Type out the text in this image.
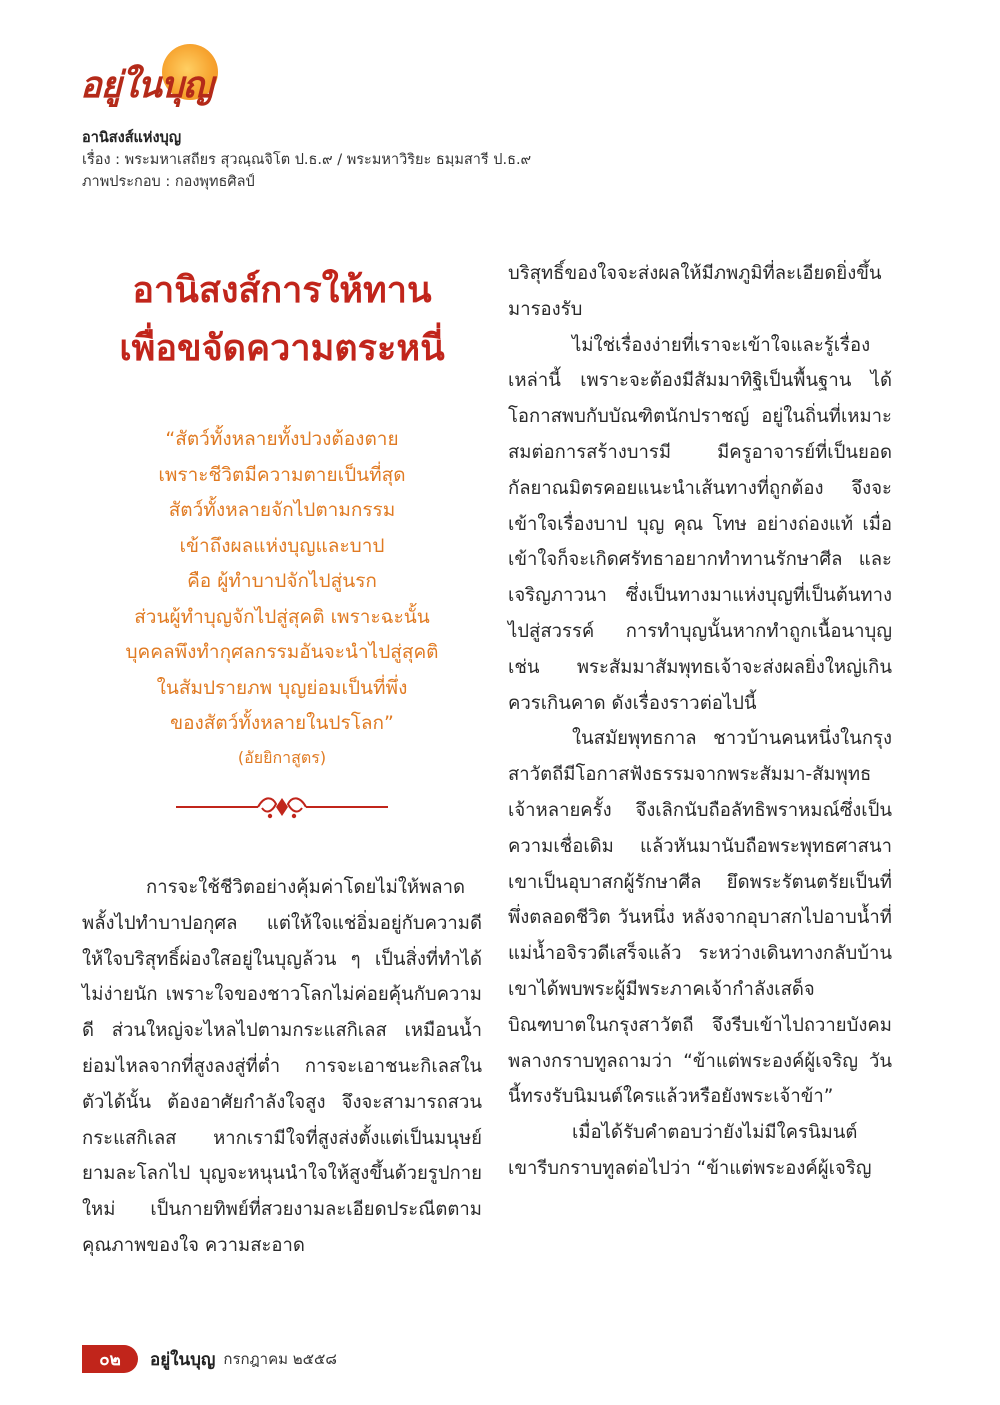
อยู่ในบุญ
อานิสงส์แห่งบุญ
เรื่อง : พระมหาเสถียร สุวณฺณจิโต ป.ธ.๙ / พระมหาวิริยะ ธมฺมสารี ป.ธ.๙
ภาพประกอบ : กองพุทธศิลป์
อานิสงส์การให้ทาน
เพื่อขจัดความตระหนี่
“สัตว์ทั้งหลายทั้งปวงต้องตาย
เพราะชีวิตมีความตายเป็นที่สุด
สัตว์ทั้งหลายจักไปตามกรรม
เข้าถึงผลแห่งบุญและบาป
คือ ผู้ทำบาปจักไปสู่นรก
ส่วนผู้ทำบุญจักไปสู่สุคติ เพราะฉะนั้น
บุคคลพึงทำกุศลกรรมอันจะนำไปสู่สุคติ
ในสัมปรายภพ บุญย่อมเป็นที่พึ่ง
ของสัตว์ทั้งหลายในปรโลก”
(อัยยิกาสูตร)

การจะใช้ชีวิตอย่างคุ้มค่าโดยไม่ให้พลาดพลั้งไปทำบาปอกุศล แต่ให้ใจแช่อิ่มอยู่กับความดี ให้ใจบริสุทธิ์ผ่องใสอยู่ในบุญล้วน ๆ เป็นสิ่งที่ทำได้ไม่ง่ายนัก เพราะใจของชาวโลกไม่ค่อยคุ้นกับความดี ส่วนใหญ่จะไหลไปตามกระแสกิเลส เหมือนน้ำย่อมไหลจากที่สูงลงสู่ที่ต่ำ การจะเอาชนะกิเลสในตัวได้นั้น ต้องอาศัยกำลังใจสูง จึงจะสามารถสวนกระแสกิเลส หากเรามีใจที่สูงส่งตั้งแต่เป็นมนุษย์ยามละโลกไป บุญจะหนุนนำใจให้สูงขึ้นด้วยรูปกายใหม่ เป็นกายทิพย์ที่สวยงามละเอียดประณีตตามคุณภาพของใจ ความสะอาด

บริสุทธิ์ของใจจะส่งผลให้มีภพภูมิที่ละเอียดยิ่งขึ้นมารองรับ

ไม่ใช่เรื่องง่ายที่เราจะเข้าใจและรู้เรื่องเหล่านี้ เพราะจะต้องมีสัมมาทิฐิเป็นพื้นฐาน ได้โอกาสพบกับบัณฑิตนักปราชญ์ อยู่ในถิ่นที่เหมาะสมต่อการสร้างบารมี มีครูอาจารย์ที่เป็นยอดกัลยาณมิตรคอยแนะนำเส้นทางที่ถูกต้อง จึงจะเข้าใจเรื่องบาป บุญ คุณ โทษ อย่างถ่องแท้ เมื่อเข้าใจก็จะเกิดศรัทธาอยากทำทานรักษาศีล และเจริญภาวนา ซึ่งเป็นทางมาแห่งบุญที่เป็นต้นทางไปสู่สวรรค์ การทำบุญนั้นหากทำถูกเนื้อนาบุญ เช่น พระสัมมาสัมพุทธเจ้าจะส่งผลยิ่งใหญ่เกินควรเกินคาด ดังเรื่องราวต่อไปนี้

ในสมัยพุทธกาล ชาวบ้านคนหนึ่งในกรุงสาวัตถีมีโอกาสฟังธรรมจากพระสัมมา-สัมพุทธเจ้าหลายครั้ง จึงเลิกนับถือลัทธิพราหมณ์ซึ่งเป็นความเชื่อเดิม แล้วหันมานับถือพระพุทธศาสนา เขาเป็นอุบาสกผู้รักษาศีล ยึดพระรัตนตรัยเป็นที่พึ่งตลอดชีวิต วันหนึ่ง หลังจากอุบาสกไปอาบน้ำที่แม่น้ำอจิรวดีเสร็จแล้ว ระหว่างเดินทางกลับบ้าน เขาได้พบพระผู้มีพระภาคเจ้ากำลังเสด็จบิณฑบาตในกรุงสาวัตถี จึงรีบเข้าไปถวายบังคม พลางกราบทูลถามว่า “ข้าแต่พระองค์ผู้เจริญ วันนี้ทรงรับนิมนต์ใครแล้วหรือยังพระเจ้าข้า”

เมื่อได้รับคำตอบว่ายังไม่มีใครนิมนต์ เขารีบกราบทูลต่อไปว่า “ข้าแต่พระองค์ผู้เจริญ

๐๒	อยู่ในบุญ กรกฎาคม ๒๕๕๘
